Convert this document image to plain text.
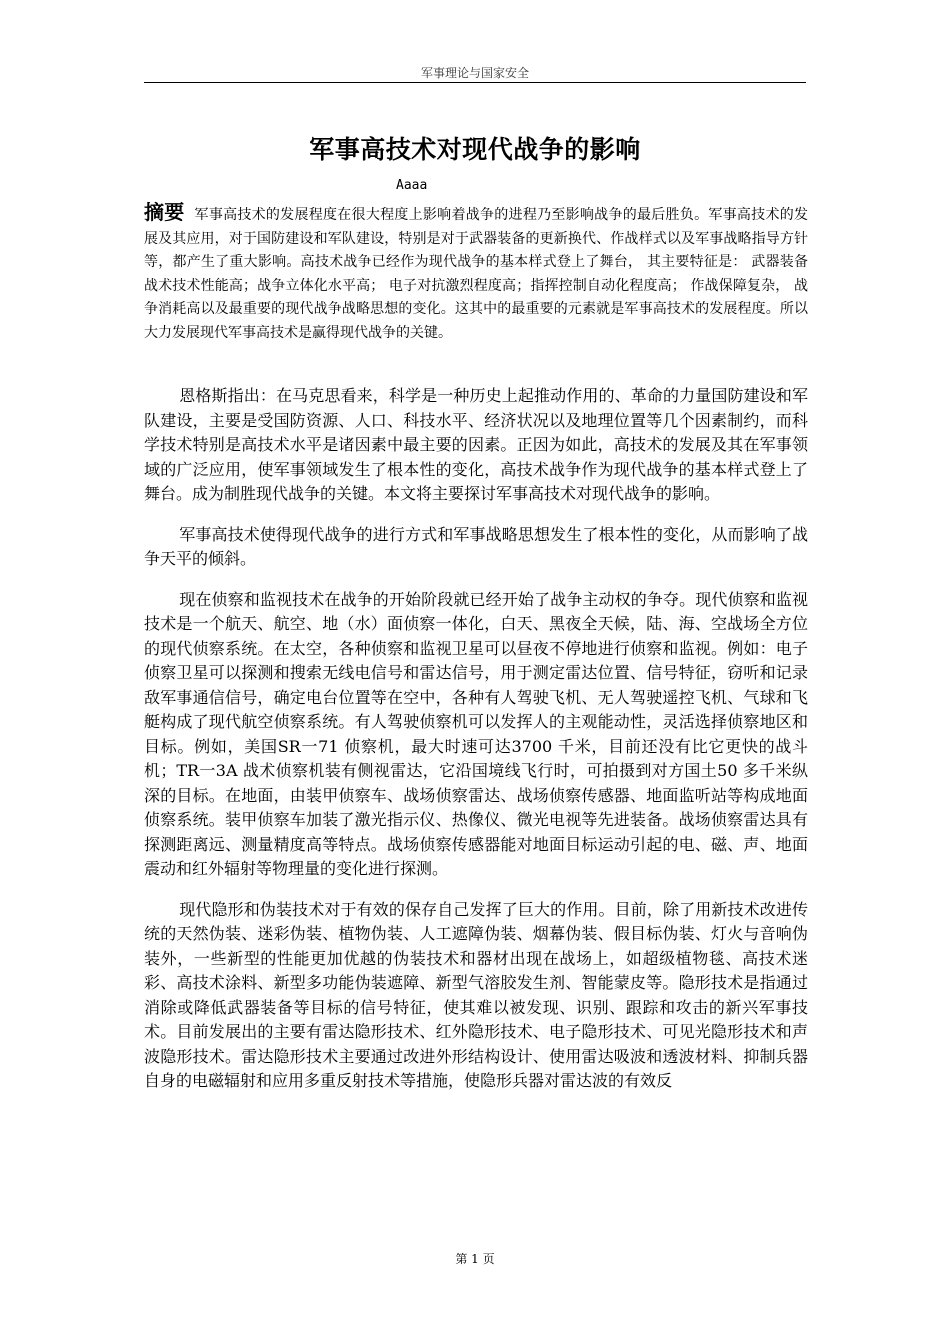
军事理论与国家安全
军事高技术对现代战争的影响
Aaaa

摘要 军事高技术的发展程度在很大程度上影响着战争的进程乃至影响战争的最后胜负。军事高技术的发展及其应用，对于国防建设和军队建设，特别是对于武器装备的更新换代、作战样式以及军事战略指导方针等，都产生了重大影响。高技术战争已经作为现代战争的基本样式登上了舞台， 其主要特征是： 武器装备战术技术性能高；战争立体化水平高； 电子对抗激烈程度高；指挥控制自动化程度高； 作战保障复杂， 战争消耗高以及最重要的现代战争战略思想的变化。这其中的最重要的元素就是军事高技术的发展程度。所以大力发展现代军事高技术是赢得现代战争的关键。

恩格斯指出：在马克思看来，科学是一种历史上起推动作用的、革命的力量国防建设和军队建设，主要是受国防资源、人口、科技水平、经济状况以及地理位置等几个因素制约，而科学技术特别是高技术水平是诸因素中最主要的因素。正因为如此，高技术的发展及其在军事领域的广泛应用，使军事领域发生了根本性的变化，高技术战争作为现代战争的基本样式登上了舞台。成为制胜现代战争的关键。本文将主要探讨军事高技术对现代战争的影响。

军事高技术使得现代战争的进行方式和军事战略思想发生了根本性的变化，从而影响了战争天平的倾斜。

现在侦察和监视技术在战争的开始阶段就已经开始了战争主动权的争夺。现代侦察和监视技术是一个航天、航空、地（水）面侦察一体化，白天、黑夜全天候，陆、海、空战场全方位的现代侦察系统。在太空，各种侦察和监视卫星可以昼夜不停地进行侦察和监视。例如：电子侦察卫星可以探测和搜索无线电信号和雷达信号，用于测定雷达位置、信号特征，窃听和记录敌军事通信信号，确定电台位置等在空中，各种有人驾驶飞机、无人驾驶遥控飞机、气球和飞艇构成了现代航空侦察系统。有人驾驶侦察机可以发挥人的主观能动性，灵活选择侦察地区和目标。例如，美国SR一71 侦察机，最大时速可达3700 千米，目前还没有比它更快的战斗机；TR一3A 战术侦察机装有侧视雷达，它沿国境线飞行时，可拍摄到对方国土50 多千米纵深的目标。在地面，由装甲侦察车、战场侦察雷达、战场侦察传感器、地面监听站等构成地面侦察系统。装甲侦察车加装了激光指示仪、热像仪、微光电视等先进装备。战场侦察雷达具有探测距离远、测量精度高等特点。战场侦察传感器能对地面目标运动引起的电、磁、声、地面震动和红外辐射等物理量的变化进行探测。

现代隐形和伪装技术对于有效的保存自己发挥了巨大的作用。目前，除了用新技术改进传统的天然伪装、迷彩伪装、植物伪装、人工遮障伪装、烟幕伪装、假目标伪装、灯火与音响伪装外，一些新型的性能更加优越的伪装技术和器材出现在战场上，如超级植物毯、高技术迷彩、高技术涂料、新型多功能伪装遮障、新型气溶胶发生剂、智能蒙皮等。隐形技术是指通过消除或降低武器装备等目标的信号特征，使其难以被发现、识别、跟踪和攻击的新兴军事技术。目前发展出的主要有雷达隐形技术、红外隐形技术、电子隐形技术、可见光隐形技术和声波隐形技术。雷达隐形技术主要通过改进外形结构设计、使用雷达吸波和透波材料、抑制兵器自身的电磁辐射和应用多重反射技术等措施，使隐形兵器对雷达波的有效反

第 1 页
